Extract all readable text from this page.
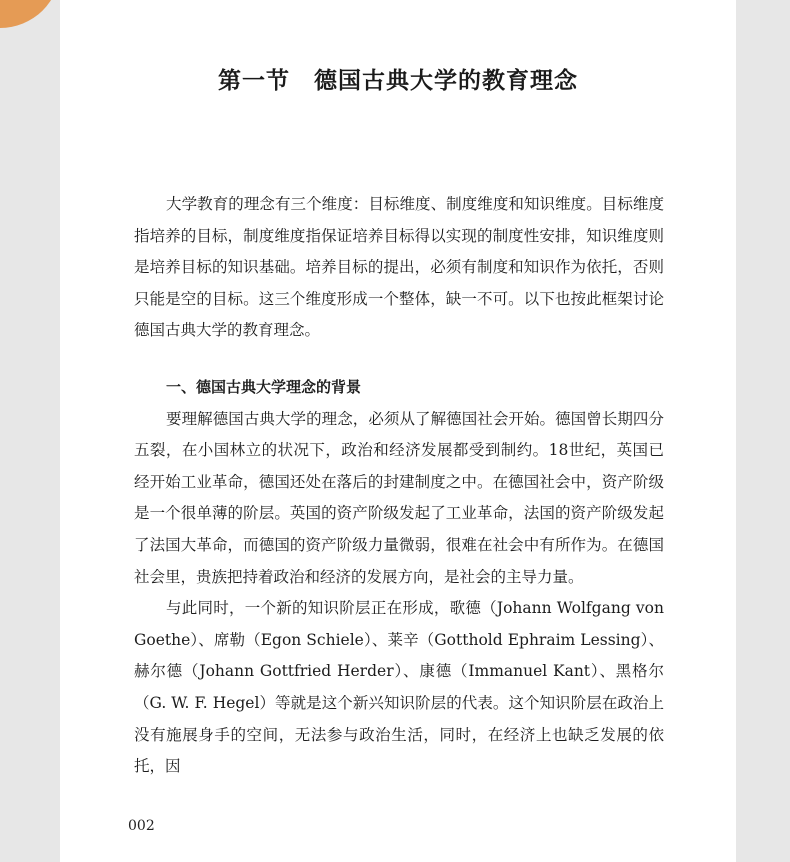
第一节　德国古典大学的教育理念

大学教育的理念有三个维度：目标维度、制度维度和知识维度。目标维度指培养的目标，制度维度指保证培养目标得以实现的制度性安排，知识维度则是培养目标的知识基础。培养目标的提出，必须有制度和知识作为依托，否则只能是空的目标。这三个维度形成一个整体，缺一不可。以下也按此框架讨论德国古典大学的教育理念。

一、德国古典大学理念的背景

要理解德国古典大学的理念，必须从了解德国社会开始。德国曾长期四分五裂，在小国林立的状况下，政治和经济发展都受到制约。18世纪，英国已经开始工业革命，德国还处在落后的封建制度之中。在德国社会中，资产阶级是一个很单薄的阶层。英国的资产阶级发起了工业革命，法国的资产阶级发起了法国大革命，而德国的资产阶级力量微弱，很难在社会中有所作为。在德国社会里，贵族把持着政治和经济的发展方向，是社会的主导力量。

与此同时，一个新的知识阶层正在形成，歌德（Johann Wolfgang von Goethe）、席勒（Egon Schiele）、莱辛（Gotthold Ephraim Lessing）、赫尔德（Johann Gottfried Herder）、康德（Immanuel Kant）、黑格尔（G. W. F. Hegel）等就是这个新兴知识阶层的代表。这个知识阶层在政治上没有施展身手的空间，无法参与政治生活，同时，在经济上也缺乏发展的依托，因

002
